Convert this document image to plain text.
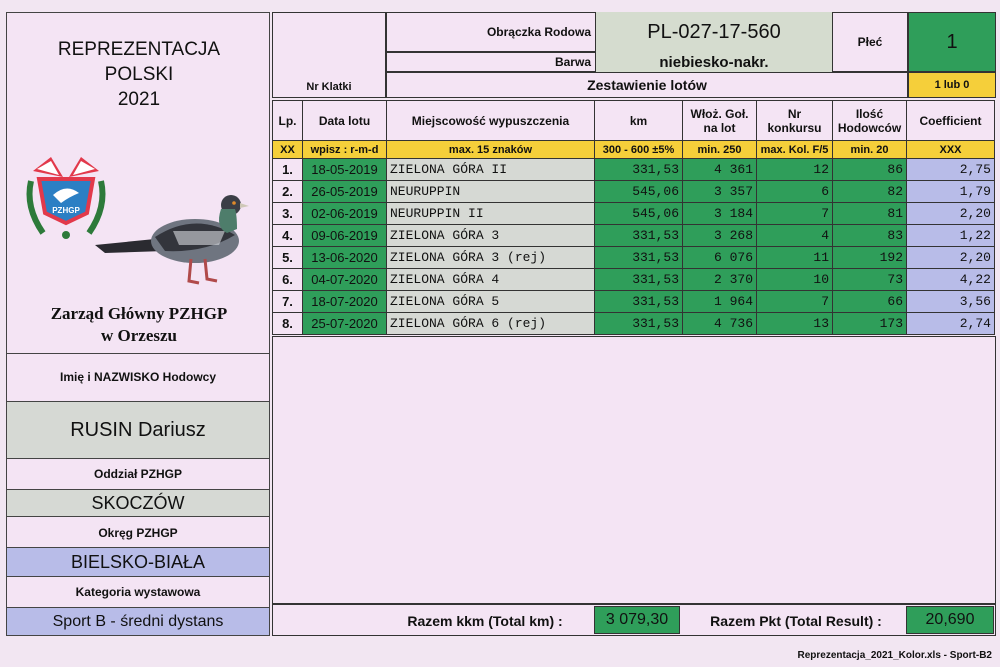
REPREZENTACJA
POLSKI
2021
PZHGP
Zarząd Główny PZHGP
w Orzeszu
Imię i NAZWISKO Hodowcy
RUSIN Dariusz
Oddział PZHGP
SKOCZÓW
Okręg PZHGP
BIELSKO-BIAŁA
Kategoria wystawowa
Sport B - średni dystans
Nr Klatki
Obrączka Rodowa	PL-027-17-560	Płeć	1
Barwa	niebiesko-nakr.
Zestawienie lotów	1 lub 0
Lp.	Data lotu	Miejscowość wypuszczenia	km	Włoż. Goł. na lot	Nr konkursu	Ilość Hodowców	Coefficient
XX	wpisz : r-m-d	max. 15 znaków	300 - 600 ±5%	min. 250	max. Kol. F/5	min. 20	XXX
1.	18-05-2019	ZIELONA GÓRA II	331,53	4 361	12	86	2,75
2.	26-05-2019	NEURUPPIN	545,06	3 357	6	82	1,79
3.	02-06-2019	NEURUPPIN II	545,06	3 184	7	81	2,20
4.	09-06-2019	ZIELONA GÓRA 3	331,53	3 268	4	83	1,22
5.	13-06-2020	ZIELONA GÓRA 3 (rej)	331,53	6 076	11	192	2,20
6.	04-07-2020	ZIELONA GÓRA 4	331,53	2 370	10	73	4,22
7.	18-07-2020	ZIELONA GÓRA 5	331,53	1 964	7	66	3,56
8.	25-07-2020	ZIELONA GÓRA 6 (rej)	331,53	4 736	13	173	2,74
Razem kkm (Total km) :	3 079,30	Razem Pkt (Total Result) :	20,690
Reprezentacja_2021_Kolor.xls - Sport-B2
